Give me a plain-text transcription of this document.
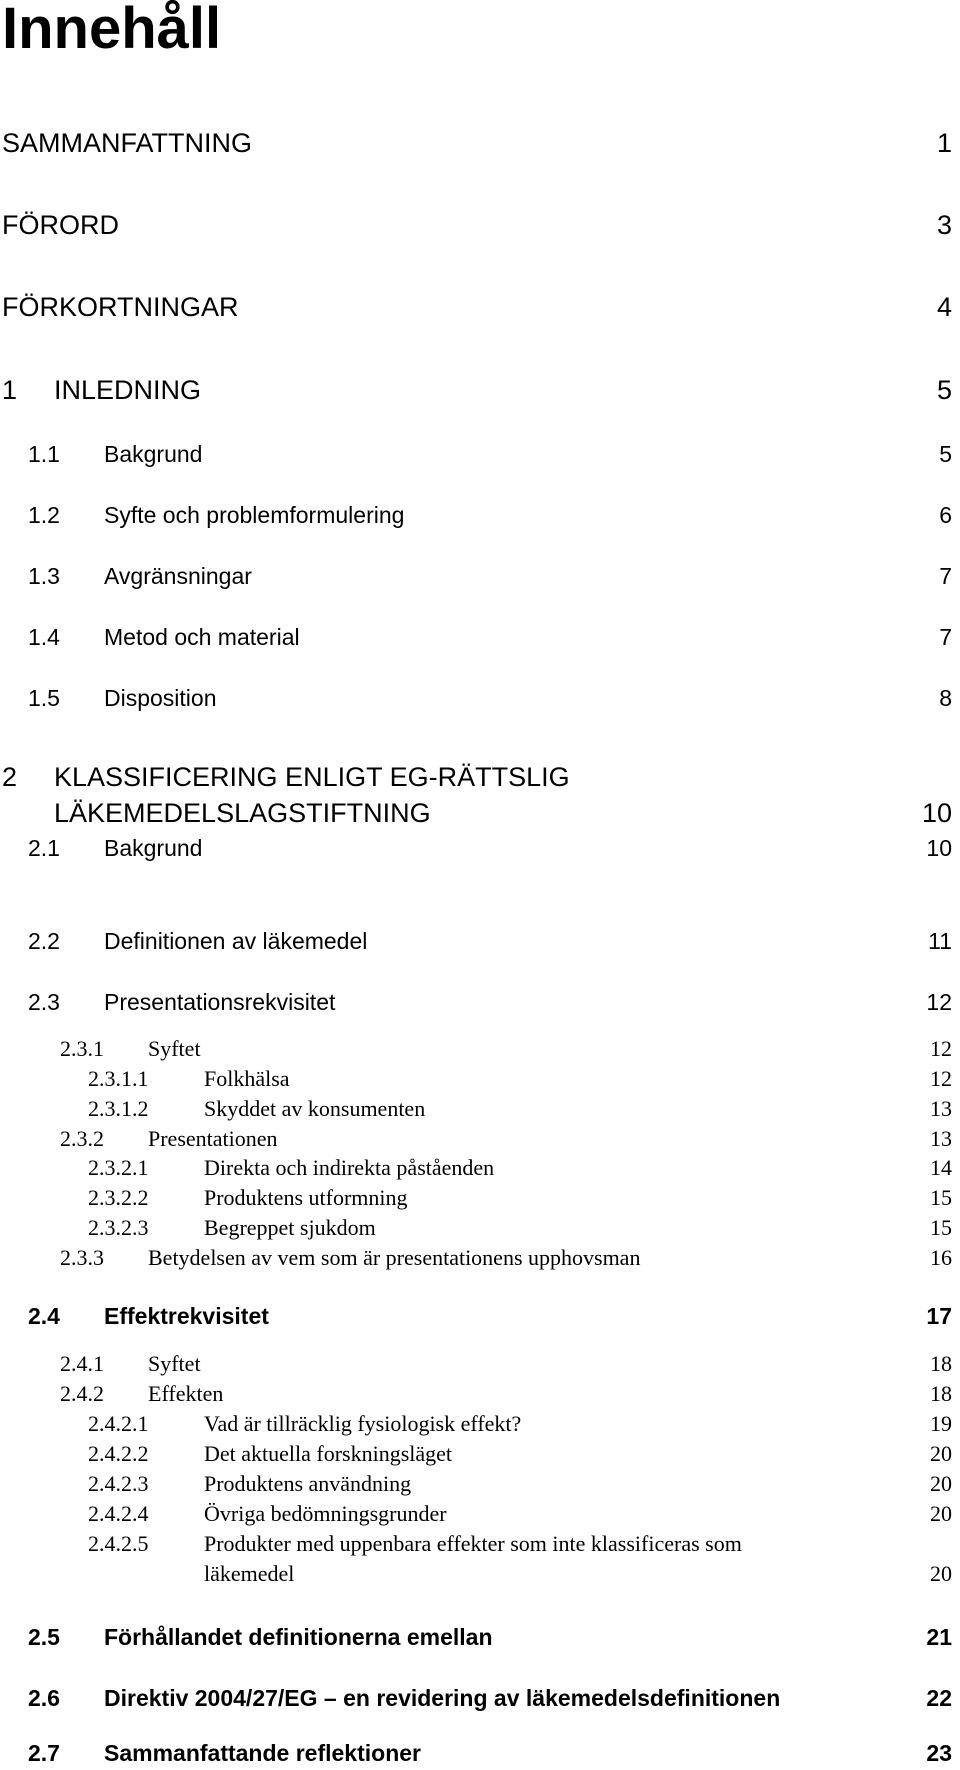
Innehåll
SAMMANFATTNING	1
FÖRORD	3
FÖRKORTNINGAR	4
1 INLEDNING	5
1.1 Bakgrund	5
1.2 Syfte och problemformulering	6
1.3 Avgränsningar	7
1.4 Metod och material	7
1.5 Disposition	8
2 KLASSIFICERING ENLIGT EG-RÄTTSLIG
LÄKEMEDELSLAGSTIFTNING	10
2.1 Bakgrund	10
2.2 Definitionen av läkemedel	11
2.3 Presentationsrekvisitet	12
2.3.1 Syftet	12
2.3.1.1	Folkhälsa	12
2.3.1.2	Skyddet av konsumenten	13
2.3.2 Presentationen	13
2.3.2.1	Direkta och indirekta påståenden	14
2.3.2.2	Produktens utformning	15
2.3.2.3	Begreppet sjukdom	15
2.3.3 Betydelsen av vem som är presentationens upphovsman	16
2.4 Effektrekvisitet	17
2.4.1 Syftet	18
2.4.2 Effekten	18
2.4.2.1	Vad är tillräcklig fysiologisk effekt?	19
2.4.2.2	Det aktuella forskningsläget	20
2.4.2.3	Produktens användning	20
2.4.2.4	Övriga bedömningsgrunder	20
2.4.2.5	Produkter med uppenbara effekter som inte klassificeras som
läkemedel	20
2.5 Förhållandet definitionerna emellan	21
2.6 Direktiv 2004/27/EG – en revidering av läkemedelsdefinitionen	22
2.7 Sammanfattande reflektioner	23
